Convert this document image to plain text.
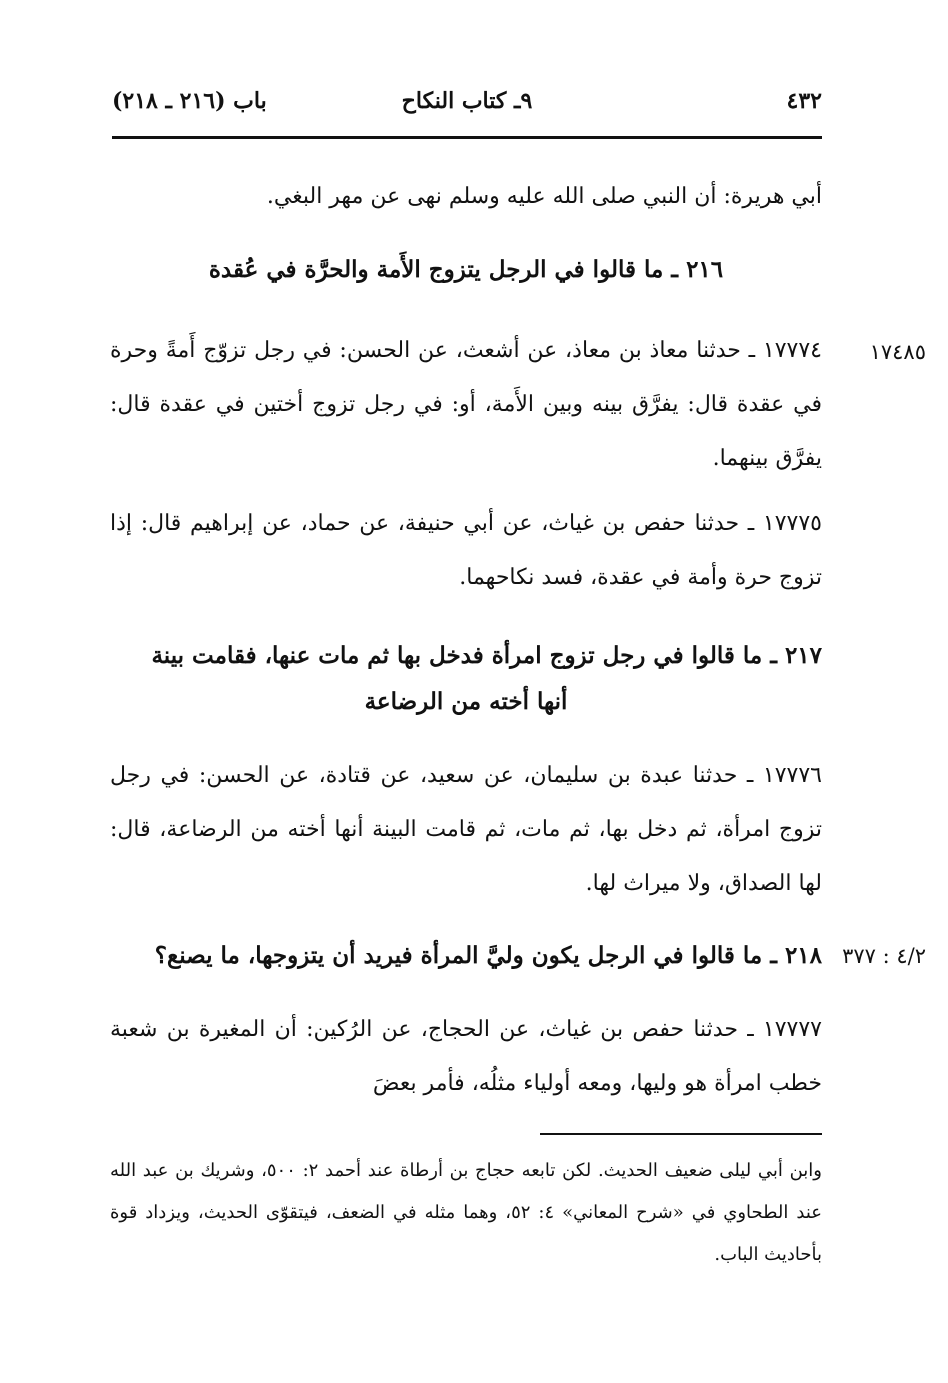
٤٣٢
٩ـ كتاب النكاح
باب (٢١٦ ـ ٢١٨)

أبي هريرة: أن النبي صلى الله عليه وسلم نهى عن مهر البغي.

٢١٦ ـ ما قالوا في الرجل يتزوج الأَمة والحرَّة في عُقدة
١٧٤٨٥

١٧٧٧٤ ـ حدثنا معاذ بن معاذ، عن أشعث، عن الحسن: في رجل تزوّج أَمةً وحرة في عقدة قال: يفرَّق بينه وبين الأَمة، أو: في رجل تزوج أختين في عقدة قال: يفرَّق بينهما.

١٧٧٧٥ ـ حدثنا حفص بن غياث، عن أبي حنيفة، عن حماد، عن إبراهيم قال: إذا تزوج حرة وأمة في عقدة، فسد نكاحهما.

٢١٧ ـ ما قالوا في رجل تزوج امرأة فدخل بها ثم مات عنها، فقامت بينة
أنها أخته من الرضاعة

١٧٧٧٦ ـ حدثنا عبدة بن سليمان، عن سعيد، عن قتادة، عن الحسن: في رجل تزوج امرأة، ثم دخل بها، ثم مات، ثم قامت البينة أنها أخته من الرضاعة، قال: لها الصداق، ولا ميراث لها.

٤/٢ : ٣٧٧
٢١٨ ـ ما قالوا في الرجل يكون وليَّ المرأة فيريد أن يتزوجها، ما يصنع؟

١٧٧٧٧ ـ حدثنا حفص بن غياث، عن الحجاج، عن الرُكين: أن المغيرة بن شعبة خطب امرأة هو وليها، ومعه أولياء مثلُه، فأمر بعضَ

وابن أبي ليلى ضعيف الحديث. لكن تابعه حجاج بن أرطاة عند أحمد ٢: ٥٠٠، وشريك بن عبد الله عند الطحاوي في «شرح المعاني» ٤: ٥٢، وهما مثله في الضعف، فيتقوّى الحديث، ويزداد قوة بأحاديث الباب.
